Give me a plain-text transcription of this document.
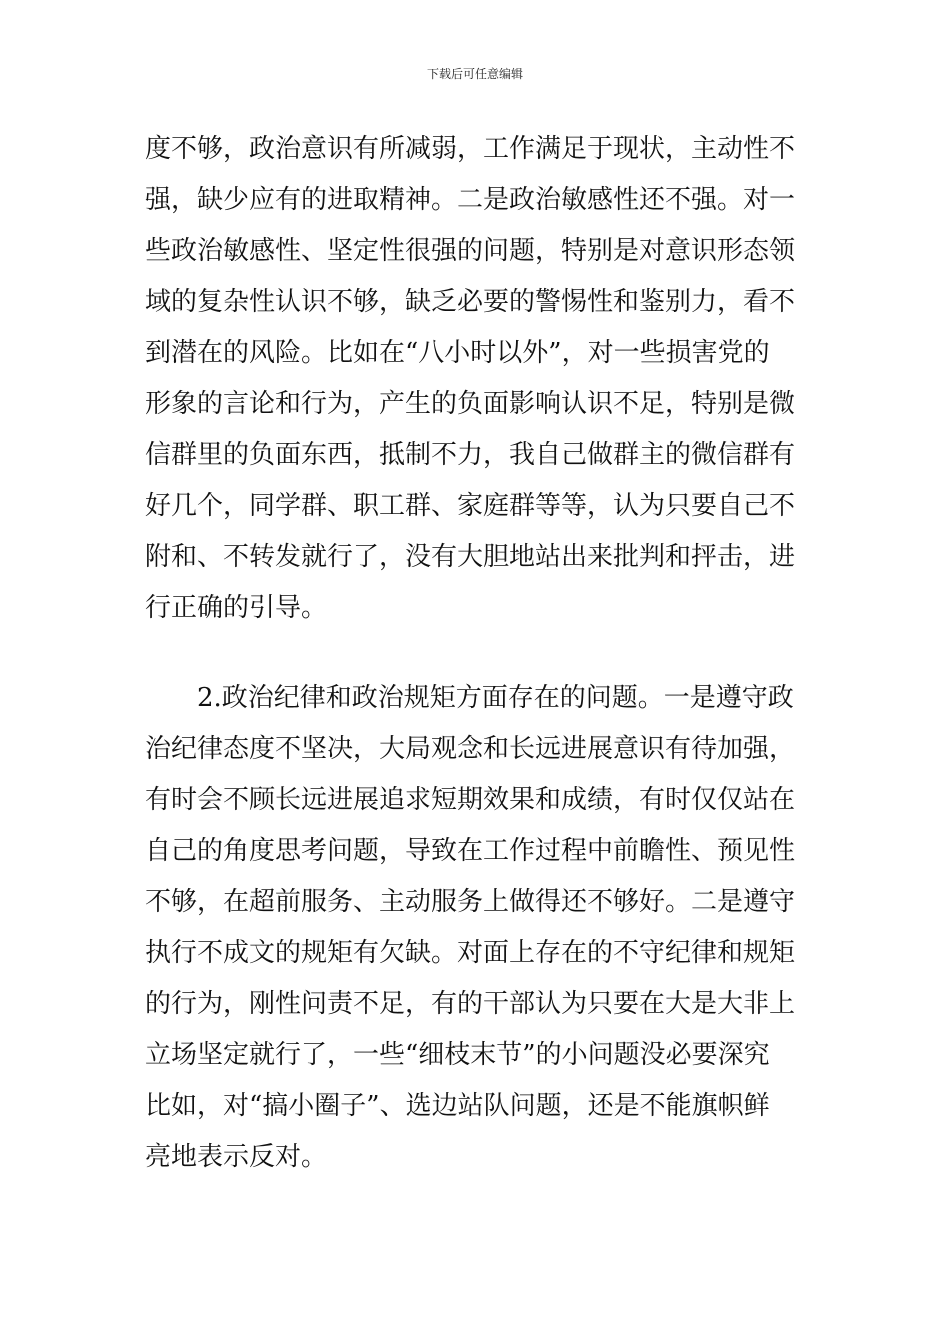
下载后可任意编辑
度不够，政治意识有所减弱，工作满足于现状，主动性不
强，缺少应有的进取精神。二是政治敏感性还不强。对一
些政治敏感性、坚定性很强的问题，特别是对意识形态领
域的复杂性认识不够，缺乏必要的警惕性和鉴别力，看不
到潜在的风险。比如在“八小时以外”，对一些损害党的
形象的言论和行为，产生的负面影响认识不足，特别是微
信群里的负面东西，抵制不力，我自己做群主的微信群有
好几个，同学群、职工群、家庭群等等，认为只要自己不
附和、不转发就行了，没有大胆地站出来批判和抨击，进
行正确的引导。
2.政治纪律和政治规矩方面存在的问题。一是遵守政
治纪律态度不坚决，大局观念和长远进展意识有待加强，
有时会不顾长远进展追求短期效果和成绩，有时仅仅站在
自己的角度思考问题，导致在工作过程中前瞻性、预见性
不够，在超前服务、主动服务上做得还不够好。二是遵守
执行不成文的规矩有欠缺。对面上存在的不守纪律和规矩
的行为，刚性问责不足，有的干部认为只要在大是大非上
立场坚定就行了，一些“细枝末节”的小问题没必要深究
比如，对“搞小圈子”、选边站队问题，还是不能旗帜鲜
亮地表示反对。
